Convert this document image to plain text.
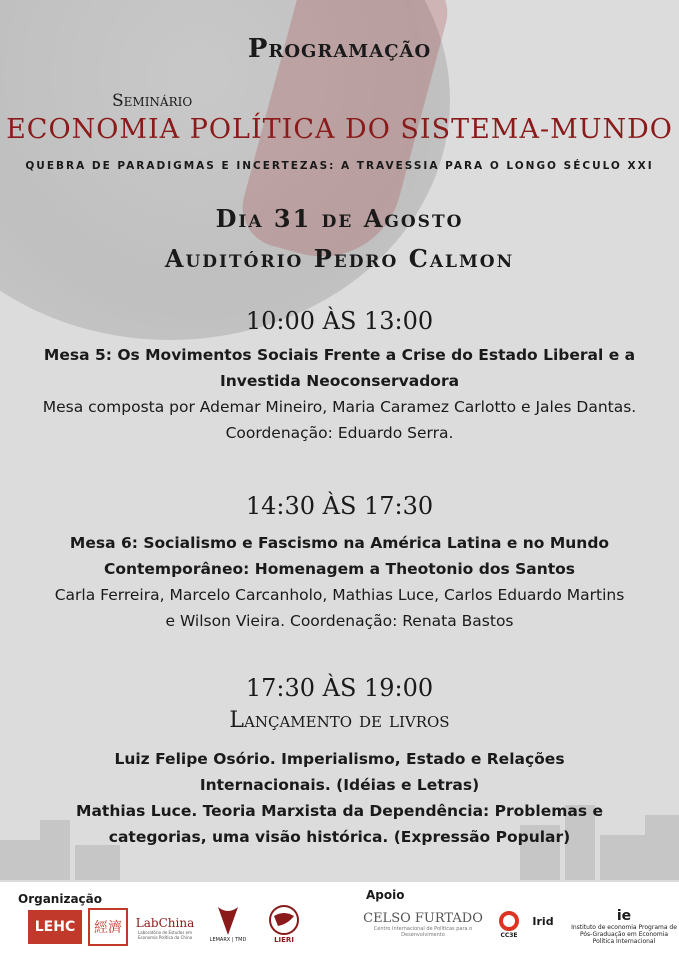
Programação
Seminário
ECONOMIA POLÍTICA DO SISTEMA-MUNDO
QUEBRA DE PARADIGMAS E INCERTEZAS: A TRAVESSIA PARA O LONGO SÉCULO XXI
Dia 31 de Agosto
Auditório Pedro Calmon
10:00 ÀS 13:00
Mesa 5: Os Movimentos Sociais Frente a Crise do Estado Liberal e a Investida Neoconservadora
Mesa composta por Ademar Mineiro, Maria Caramez Carlotto e Jales Dantas. Coordenação: Eduardo Serra.
14:30 ÀS 17:30
Mesa 6: Socialismo e Fascismo na América Latina e no Mundo Contemporâneo: Homenagem a Theotonio dos Santos
Carla Ferreira, Marcelo Carcanholo, Mathias Luce, Carlos Eduardo Martins e Wilson Vieira. Coordenação: Renata Bastos
17:30 ÀS 19:00
Lançamento de livros
Luiz Felipe Osório. Imperialismo, Estado e Relações Internacionais. (Idéias e Letras)
Mathias Luce. Teoria Marxista da Dependência: Problemas e categorias, uma visão histórica. (Expressão Popular)
Organização	Apoio
LEHC	經濟	LabChina
Laboratório de Estudos em Economia Política da China	LEMARX | TMD	LIERI
CELSO FURTADO
Centro Internacional de Políticas para o Desenvolvimento	CC3E
Irid	ie
Instituto de economia Programa de Pós-Graduação em Economia Política Internacional
